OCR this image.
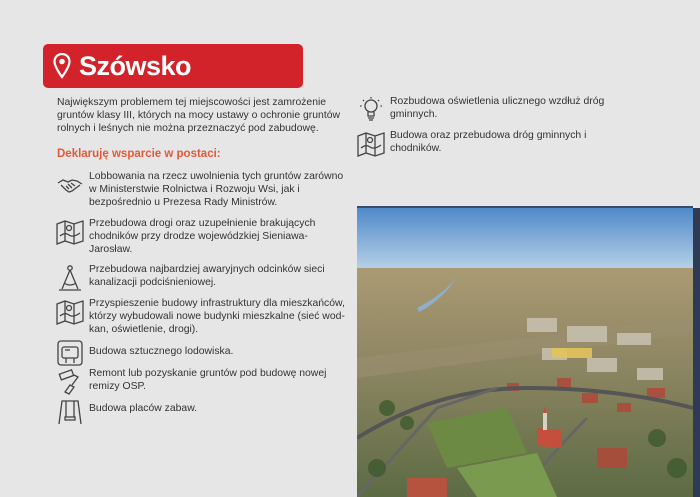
Szówsko
Największym problemem tej miejscowości jest zamrożenie gruntów klasy III, których na mocy ustawy o ochronie gruntów rolnych i leśnych nie można przeznaczyć pod zabudowę.
Deklaruję wsparcie w postaci:
Lobbowania na rzecz uwolnienia tych gruntów zarówno w Ministerstwie Rolnictwa i Rozwoju Wsi, jak i bezpośrednio u Prezesa Rady Ministrów.
Przebudowa drogi oraz uzupełnienie brakujących chodników przy drodze wojewódzkiej Sieniawa-Jarosław.
Przebudowa najbardziej awaryjnych odcinków sieci kanalizacji podciśnieniowej.
Przyspieszenie budowy infrastruktury dla mieszkańców, którzy wybudowali nowe budynki mieszkalne (sieć wod-kan, oświetlenie, drogi).
Budowa sztucznego lodowiska.
Remont lub pozyskanie gruntów pod budowę nowej remizy OSP.
Budowa placów zabaw.
Rozbudowa oświetlenia ulicznego wzdłuż dróg gminnych.
Budowa oraz przebudowa dróg gminnych i chodników.
